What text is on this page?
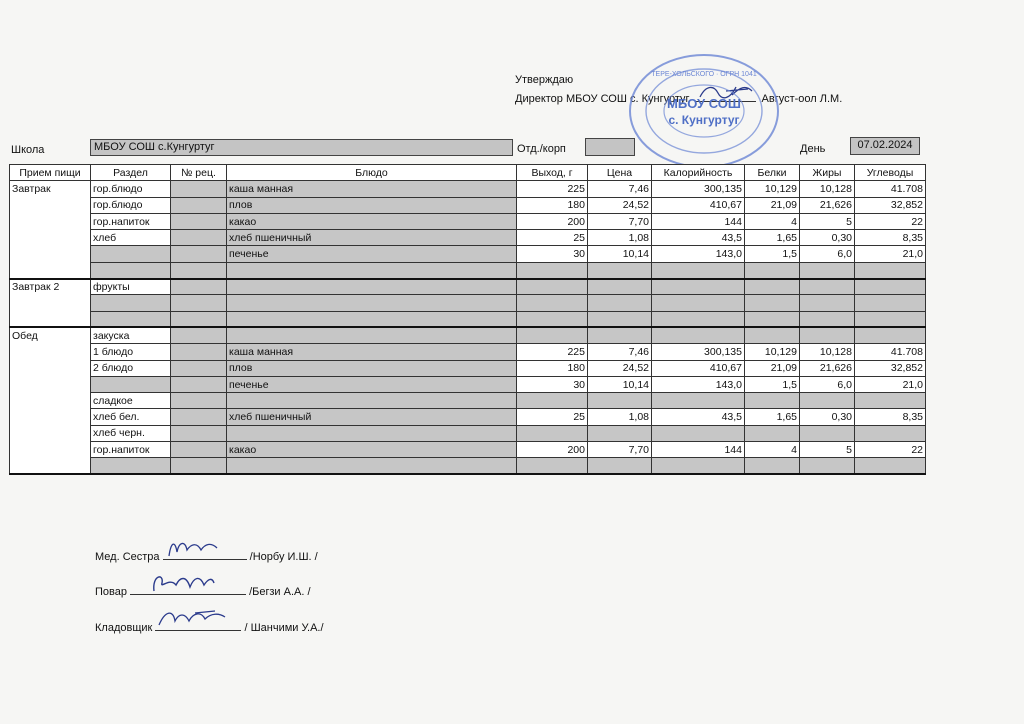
Утверждаю
Директор МБОУ СОШ с. Кунгуртуг	Август-оол Л.М.
МБОУ СОШ
с. Кунгуртуг
ТЕРЕ-ХОЛЬСКОГО · ОГРН 1041
Школа	МБОУ СОШ с.Кунгуртуг	Отд./корп	День	07.02.2024
Прием пищи	Раздел	№ рец.	Блюдо	Выход, г	Цена	Калорийность	Белки	Жиры	Углеводы
Завтрак	гор.блюдо		каша манная	225	7,46	300,135	10,129	10,128	41.708
	гор.блюдо		плов	180	24,52	410,67	21,09	21,626	32,852
	гор.напиток		какао	200	7,70	144	4	5	22
	хлеб		хлеб пшеничный	25	1,08	43,5	1,65	0,30	8,35
			печенье	30	10,14	143,0	1,5	6,0	21,0

Завтрак 2	фрукты								

Обед	закуска								
	1 блюдо		каша манная	225	7,46	300,135	10,129	10,128	41.708
	2 блюдо		плов	180	24,52	410,67	21,09	21,626	32,852
			печенье	30	10,14	143,0	1,5	6,0	21,0
	сладкое								
	хлеб бел.		хлеб пшеничный	25	1,08	43,5	1,65	0,30	8,35
	хлеб черн.								
	гор.напиток		какао	200	7,70	144	4	5	22

Мед. Сестра	/Норбу И.Ш. /
Повар	/Бегзи А.А. /
Кладовщик	/ Шанчими У.А./
